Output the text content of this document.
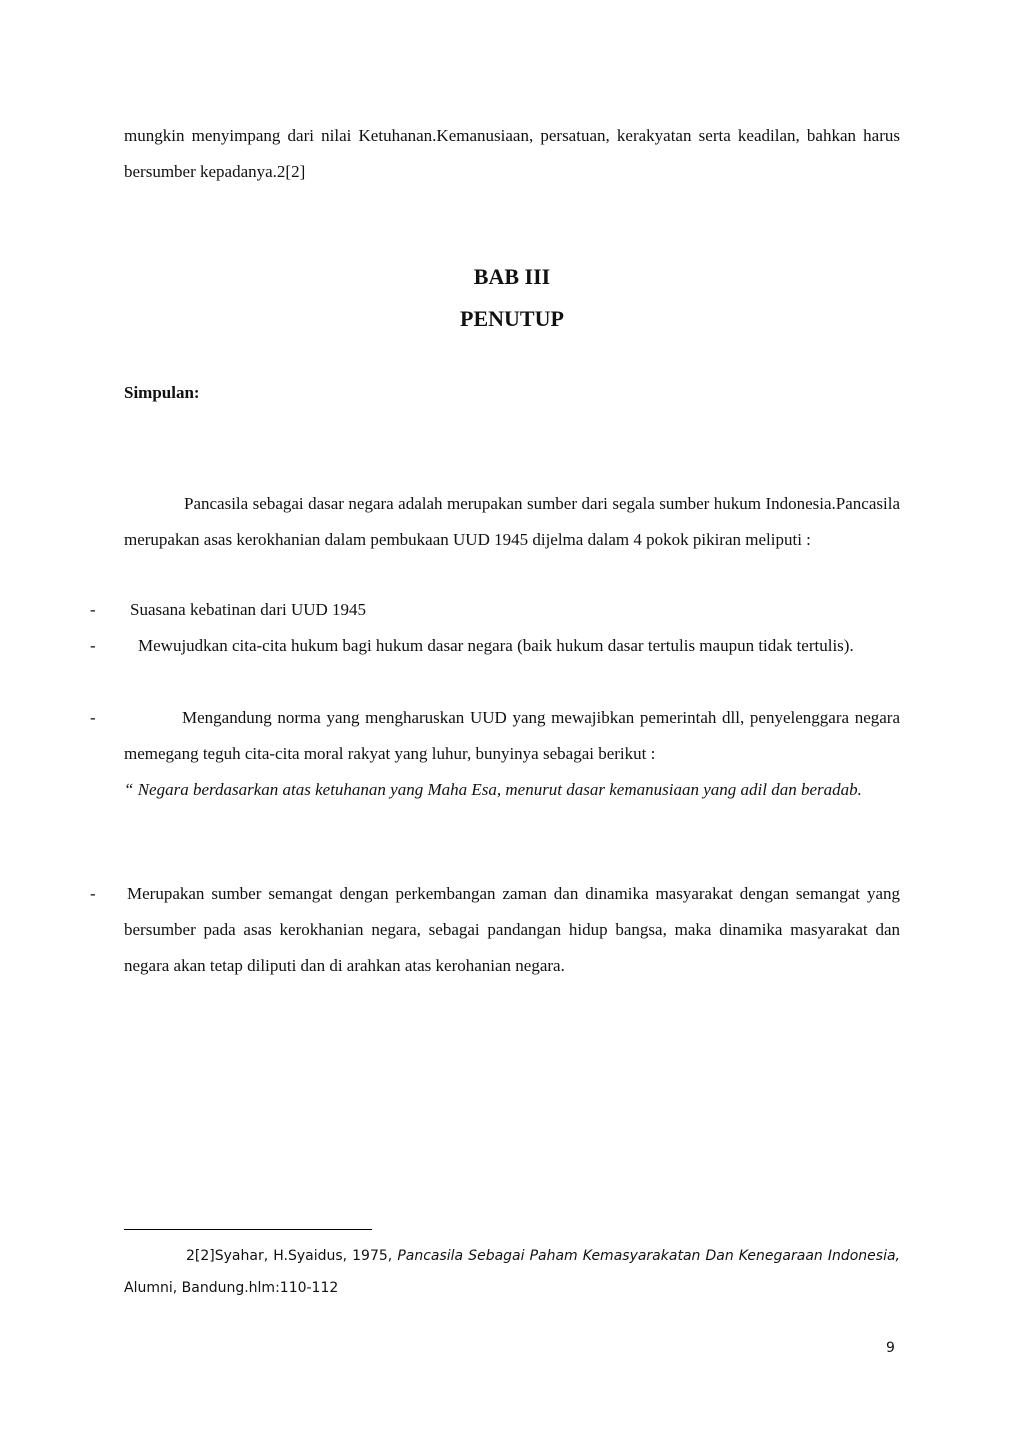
mungkin menyimpang dari nilai Ketuhanan.Kemanusiaan, persatuan, kerakyatan serta keadilan, bahkan harus bersumber kepadanya.2[2]
BAB III
PENUTUP
Simpulan:
Pancasila sebagai dasar negara adalah merupakan sumber dari segala sumber hukum Indonesia.Pancasila merupakan asas kerokhanian dalam pembukaan UUD 1945 dijelma dalam 4 pokok pikiran meliputi :
-	Suasana kebatinan dari UUD 1945
-	Mewujudkan cita-cita hukum bagi hukum dasar negara (baik hukum dasar tertulis maupun tidak tertulis).
-	Mengandung norma yang mengharuskan UUD yang mewajibkan pemerintah dll, penyelenggara negara memegang teguh cita-cita moral rakyat yang luhur, bunyinya sebagai berikut :
“ Negara berdasarkan atas ketuhanan yang Maha Esa, menurut dasar kemanusiaan yang adil dan beradab.
- Merupakan sumber semangat dengan perkembangan zaman dan dinamika masyarakat dengan semangat yang bersumber pada asas kerokhanian negara, sebagai pandangan hidup bangsa, maka dinamika masyarakat dan negara akan tetap diliputi dan di arahkan atas kerohanian negara.
2[2]Syahar, H.Syaidus, 1975, Pancasila Sebagai Paham Kemasyarakatan Dan Kenegaraan Indonesia, Alumni, Bandung.hlm:110-112
9
